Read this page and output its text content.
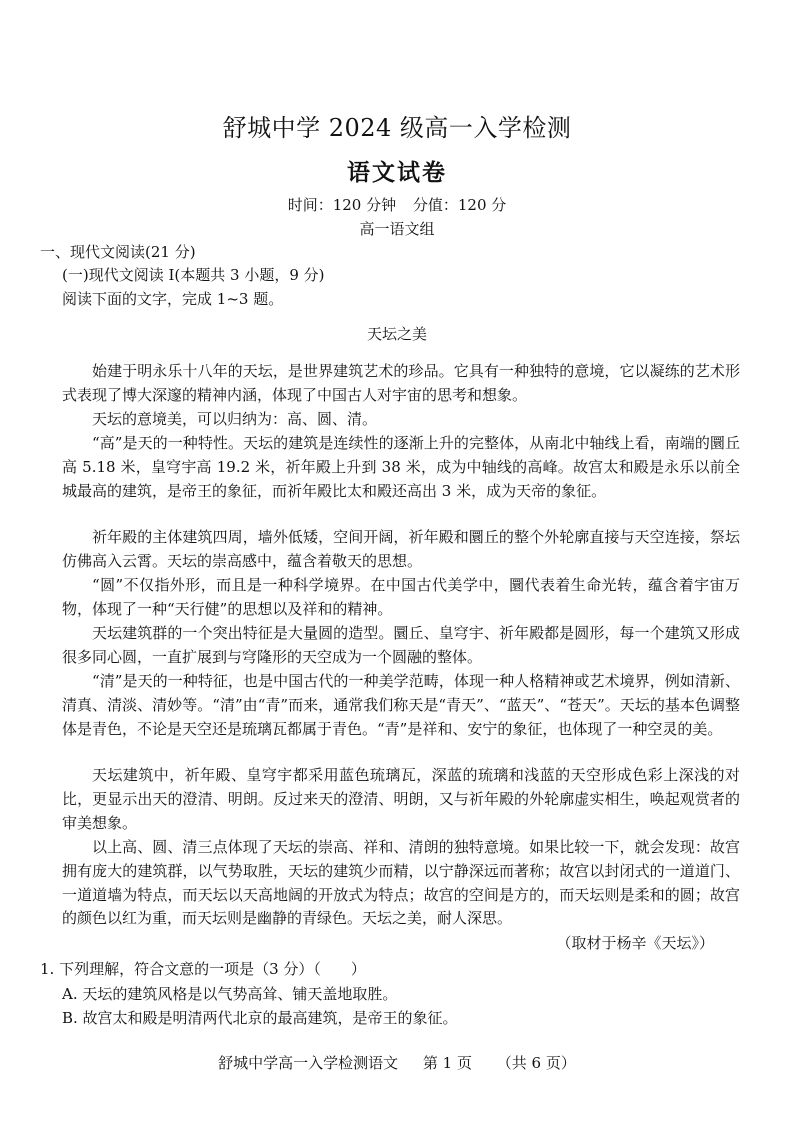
舒城中学 2024 级高一入学检测
语文试卷
时间：120 分钟 分值：120 分
高一语文组
一、现代文阅读(21 分)
(一)现代文阅读 I(本题共 3 小题，9 分)
阅读下面的文字，完成 1~3 题。
天坛之美
始建于明永乐十八年的天坛，是世界建筑艺术的珍品。它具有一种独特的意境，它以凝练的艺术形式表现了博大深邃的精神内涵，体现了中国古人对宇宙的思考和想象。
天坛的意境美，可以归纳为：高、圆、清。
“高”是天的一种特性。天坛的建筑是连续性的逐渐上升的完整体，从南北中轴线上看，南端的圜丘高 5.18 米，皇穹宇高 19.2 米，祈年殿上升到 38 米，成为中轴线的高峰。故宫太和殿是永乐以前全城最高的建筑，是帝王的象征，而祈年殿比太和殿还高出 3 米，成为天帝的象征。
祈年殿的主体建筑四周，墙外低矮，空间开阔，祈年殿和圜丘的整个外轮廓直接与天空连接，祭坛仿佛高入云霄。天坛的崇高感中，蕴含着敬天的思想。
“圆”不仅指外形，而且是一种科学境界。在中国古代美学中，圜代表着生命光转，蕴含着宇宙万物，体现了一种“天行健”的思想以及祥和的精神。
天坛建筑群的一个突出特征是大量圆的造型。圜丘、皇穹宇、祈年殿都是圆形，每一个建筑又形成很多同心圆，一直扩展到与穹隆形的天空成为一个圆融的整体。
“清”是天的一种特征，也是中国古代的一种美学范畴，体现一种人格精神或艺术境界，例如清新、清真、清淡、清妙等。“清”由“青”而来，通常我们称天是“青天”、“蓝天”、“苍天”。天坛的基本色调整体是青色，不论是天空还是琉璃瓦都属于青色。“青”是祥和、安宁的象征，也体现了一种空灵的美。
天坛建筑中，祈年殿、皇穹宇都采用蓝色琉璃瓦，深蓝的琉璃和浅蓝的天空形成色彩上深浅的对比，更显示出天的澄清、明朗。反过来天的澄清、明朗，又与祈年殿的外轮廓虚实相生，唤起观赏者的审美想象。
以上高、圆、清三点体现了天坛的崇高、祥和、清朗的独特意境。如果比较一下，就会发现：故宫拥有庞大的建筑群，以气势取胜，天坛的建筑少而精，以宁静深远而著称；故宫以封闭式的一道道门、一道道墙为特点，而天坛以天高地阔的开放式为特点；故宫的空间是方的，而天坛则是柔和的圆；故宫的颜色以红为重，而天坛则是幽静的青绿色。天坛之美，耐人深思。
（取材于杨辛《天坛》）
1. 下列理解，符合文意的一项是（3 分）（　　）
A. 天坛的建筑风格是以气势高耸、铺天盖地取胜。
B. 故宫太和殿是明清两代北京的最高建筑，是帝王的象征。
舒城中学高一入学检测语文 第 1 页 （共 6 页）
